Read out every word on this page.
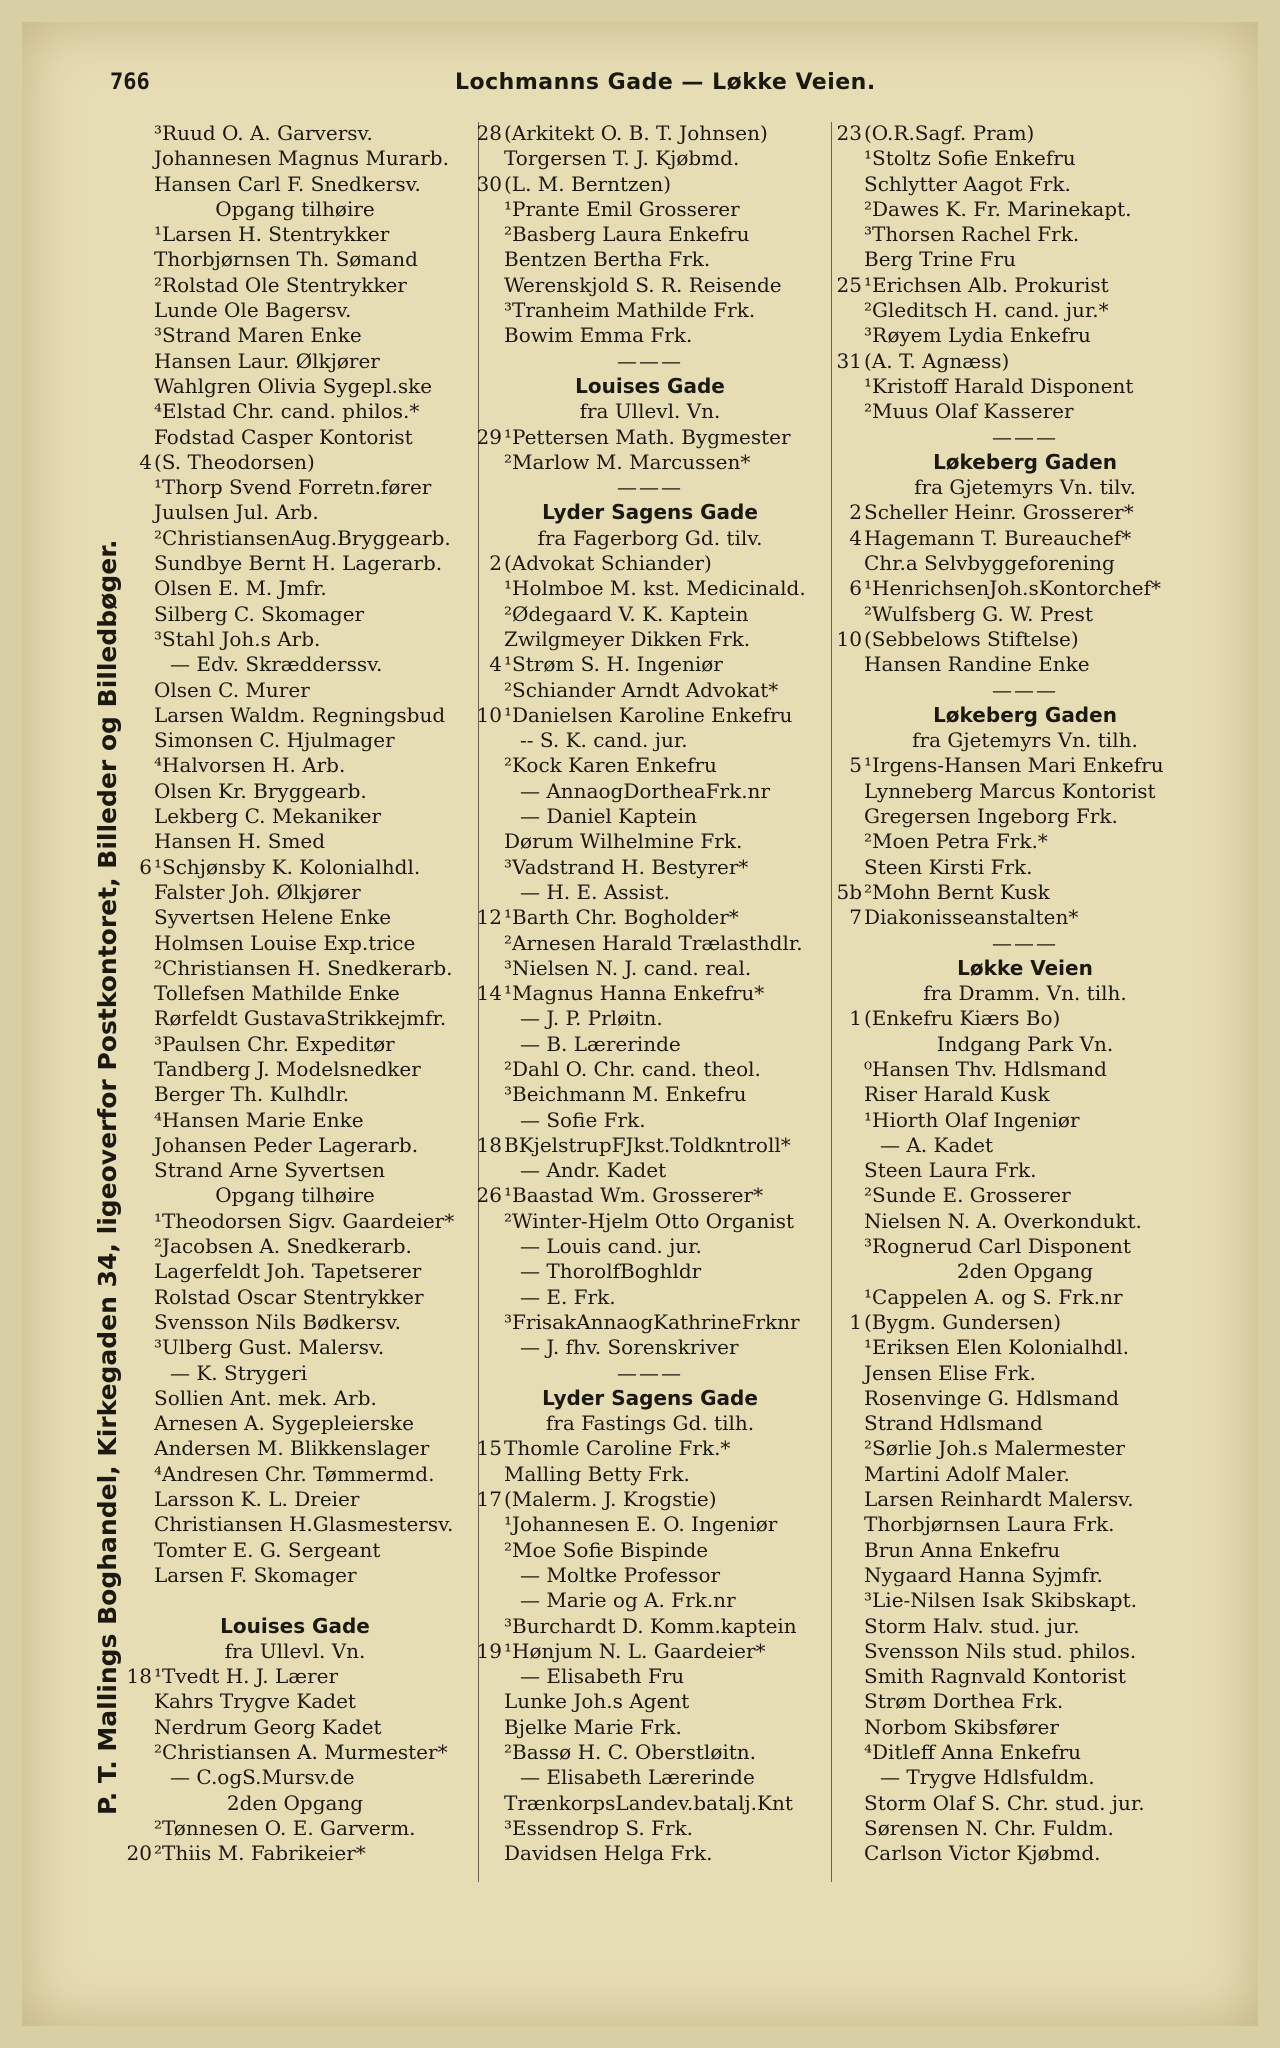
766	Lochmanns Gade — Løkke Veien.
P. T. Mallings Boghandel, Kirkegaden 34, ligeoverfor Postkontoret, Billeder og Billedbøger.
³Ruud O. A. Garversv.
Johannesen Magnus Murarb.
Hansen Carl F. Snedkersv.
Opgang tilhøire
¹Larsen H. Stentrykker
Thorbjørnsen Th. Sømand
²Rolstad Ole Stentrykker
Lunde Ole Bagersv.
³Strand Maren Enke
Hansen Laur. Ølkjører
Wahlgren Olivia Sygepl.ske
⁴Elstad Chr. cand. philos.*
Fodstad Casper Kontorist
4 (S. Theodorsen)
¹Thorp Svend Forretn.fører
Juulsen Jul. Arb.
²ChristiansenAug.Bryggearb.
Sundbye Bernt H. Lagerarb.
Olsen E. M. Jmfr.
Silberg C. Skomager
³Stahl Joh.s Arb.
— Edv. Skrædderssv.
Olsen C. Murer
Larsen Waldm. Regningsbud
Simonsen C. Hjulmager
⁴Halvorsen H. Arb.
Olsen Kr. Bryggearb.
Lekberg C. Mekaniker
Hansen H. Smed
6 ¹Schjønsby K. Kolonialhdl.
Falster Joh. Ølkjører
Syvertsen Helene Enke
Holmsen Louise Exp.trice
²Christiansen H. Snedkerarb.
Tollefsen Mathilde Enke
Rørfeldt GustavaStrikkejmfr.
³Paulsen Chr. Expeditør
Tandberg J. Modelsnedker
Berger Th. Kulhdlr.
⁴Hansen Marie Enke
Johansen Peder Lagerarb.
Strand Arne Syvertsen
Opgang tilhøire
¹Theodorsen Sigv. Gaardeier*
²Jacobsen A. Snedkerarb.
Lagerfeldt Joh. Tapetserer
Rolstad Oscar Stentrykker
Svensson Nils Bødkersv.
³Ulberg Gust. Malersv.
— K. Strygeri
Sollien Ant. mek. Arb.
Arnesen A. Sygepleierske
Andersen M. Blikkenslager
⁴Andresen Chr. Tømmermd.
Larsson K. L. Dreier
Christiansen H.Glasmestersv.
Tomter E. G. Sergeant
Larsen F. Skomager
Louises Gade
fra Ullevl. Vn.
18 ¹Tvedt H. J. Lærer
Kahrs Trygve Kadet
Nerdrum Georg Kadet
²Christiansen A. Murmester*
— C.ogS.Mursv.de
2den Opgang
²Tønnesen O. E. Garverm.
20 ²Thiis M. Fabrikeier*
28 (Arkitekt O. B. T. Johnsen)
Torgersen T. J. Kjøbmd.
30 (L. M. Berntzen)
¹Prante Emil Grosserer
²Basberg Laura Enkefru
Bentzen Bertha Frk.
Werenskjold S. R. Reisende
³Tranheim Mathilde Frk.
Bowim Emma Frk.
———
Louises Gade
fra Ullevl. Vn.
29 ¹Pettersen Math. Bygmester
²Marlow M. Marcussen*
———
Lyder Sagens Gade
fra Fagerborg Gd. tilv.
2 (Advokat Schiander)
¹Holmboe M. kst. Medicinald.
²Ødegaard V. K. Kaptein
Zwilgmeyer Dikken Frk.
4 ¹Strøm S. H. Ingeniør
²Schiander Arndt Advokat*
10 ¹Danielsen Karoline Enkefru
-- S. K. cand. jur.
²Kock Karen Enkefru
— AnnaogDortheaFrk.nr
— Daniel Kaptein
Dørum Wilhelmine Frk.
³Vadstrand H. Bestyrer*
— H. E. Assist.
12 ¹Barth Chr. Bogholder*
²Arnesen Harald Trælasthdlr.
³Nielsen N. J. cand. real.
14 ¹Magnus Hanna Enkefru*
— J. P. Prløitn.
— B. Lærerinde
²Dahl O. Chr. cand. theol.
³Beichmann M. Enkefru
— Sofie Frk.
18 BKjelstrupFJkst.Toldkntroll*
— Andr. Kadet
26 ¹Baastad Wm. Grosserer*
²Winter-Hjelm Otto Organist
— Louis cand. jur.
— ThorolfBoghldr
— E. Frk.
³FrisakAnnaogKathrineFrknr
— J. fhv. Sorenskriver
———
Lyder Sagens Gade
fra Fastings Gd. tilh.
15 Thomle Caroline Frk.*
Malling Betty Frk.
17 (Malerm. J. Krogstie)
¹Johannesen E. O. Ingeniør
²Moe Sofie Bispinde
— Moltke Professor
— Marie og A. Frk.nr
³Burchardt D. Komm.kaptein
19 ¹Hønjum N. L. Gaardeier*
— Elisabeth Fru
Lunke Joh.s Agent
Bjelke Marie Frk.
²Bassø H. C. Oberstløitn.
— Elisabeth Lærerinde
TrænkorpsLandev.batalj.Knt
³Essendrop S. Frk.
Davidsen Helga Frk.
23 (O.R.Sagf. Pram)
¹Stoltz Sofie Enkefru
Schlytter Aagot Frk.
²Dawes K. Fr. Marinekapt.
³Thorsen Rachel Frk.
Berg Trine Fru
25 ¹Erichsen Alb. Prokurist
²Gleditsch H. cand. jur.*
³Røyem Lydia Enkefru
31 (A. T. Agnæss)
¹Kristoff Harald Disponent
²Muus Olaf Kasserer
———
Løkeberg Gaden
fra Gjetemyrs Vn. tilv.
2 Scheller Heinr. Grosserer*
4 Hagemann T. Bureauchef*
Chr.a Selvbyggeforening
6 ¹HenrichsenJoh.sKontorchef*
²Wulfsberg G. W. Prest
10 (Sebbelows Stiftelse)
Hansen Randine Enke
———
Løkeberg Gaden
fra Gjetemyrs Vn. tilh.
5 ¹Irgens-Hansen Mari Enkefru
Lynneberg Marcus Kontorist
Gregersen Ingeborg Frk.
²Moen Petra Frk.*
Steen Kirsti Frk.
5b ²Mohn Bernt Kusk
7 Diakonisseanstalten*
———
Løkke Veien
fra Dramm. Vn. tilh.
1 (Enkefru Kiærs Bo)
Indgang Park Vn.
⁰Hansen Thv. Hdlsmand
Riser Harald Kusk
¹Hiorth Olaf Ingeniør
— A. Kadet
Steen Laura Frk.
²Sunde E. Grosserer
Nielsen N. A. Overkondukt.
³Rognerud Carl Disponent
2den Opgang
¹Cappelen A. og S. Frk.nr
1 (Bygm. Gundersen)
¹Eriksen Elen Kolonialhdl.
Jensen Elise Frk.
Rosenvinge G. Hdlsmand
Strand Hdlsmand
²Sørlie Joh.s Malermester
Martini Adolf Maler.
Larsen Reinhardt Malersv.
Thorbjørnsen Laura Frk.
Brun Anna Enkefru
Nygaard Hanna Syjmfr.
³Lie-Nilsen Isak Skibskapt.
Storm Halv. stud. jur.
Svensson Nils stud. philos.
Smith Ragnvald Kontorist
Strøm Dorthea Frk.
Norbom Skibsfører
⁴Ditleff Anna Enkefru
— Trygve Hdlsfuldm.
Storm Olaf S. Chr. stud. jur.
Sørensen N. Chr. Fuldm.
Carlson Victor Kjøbmd.
